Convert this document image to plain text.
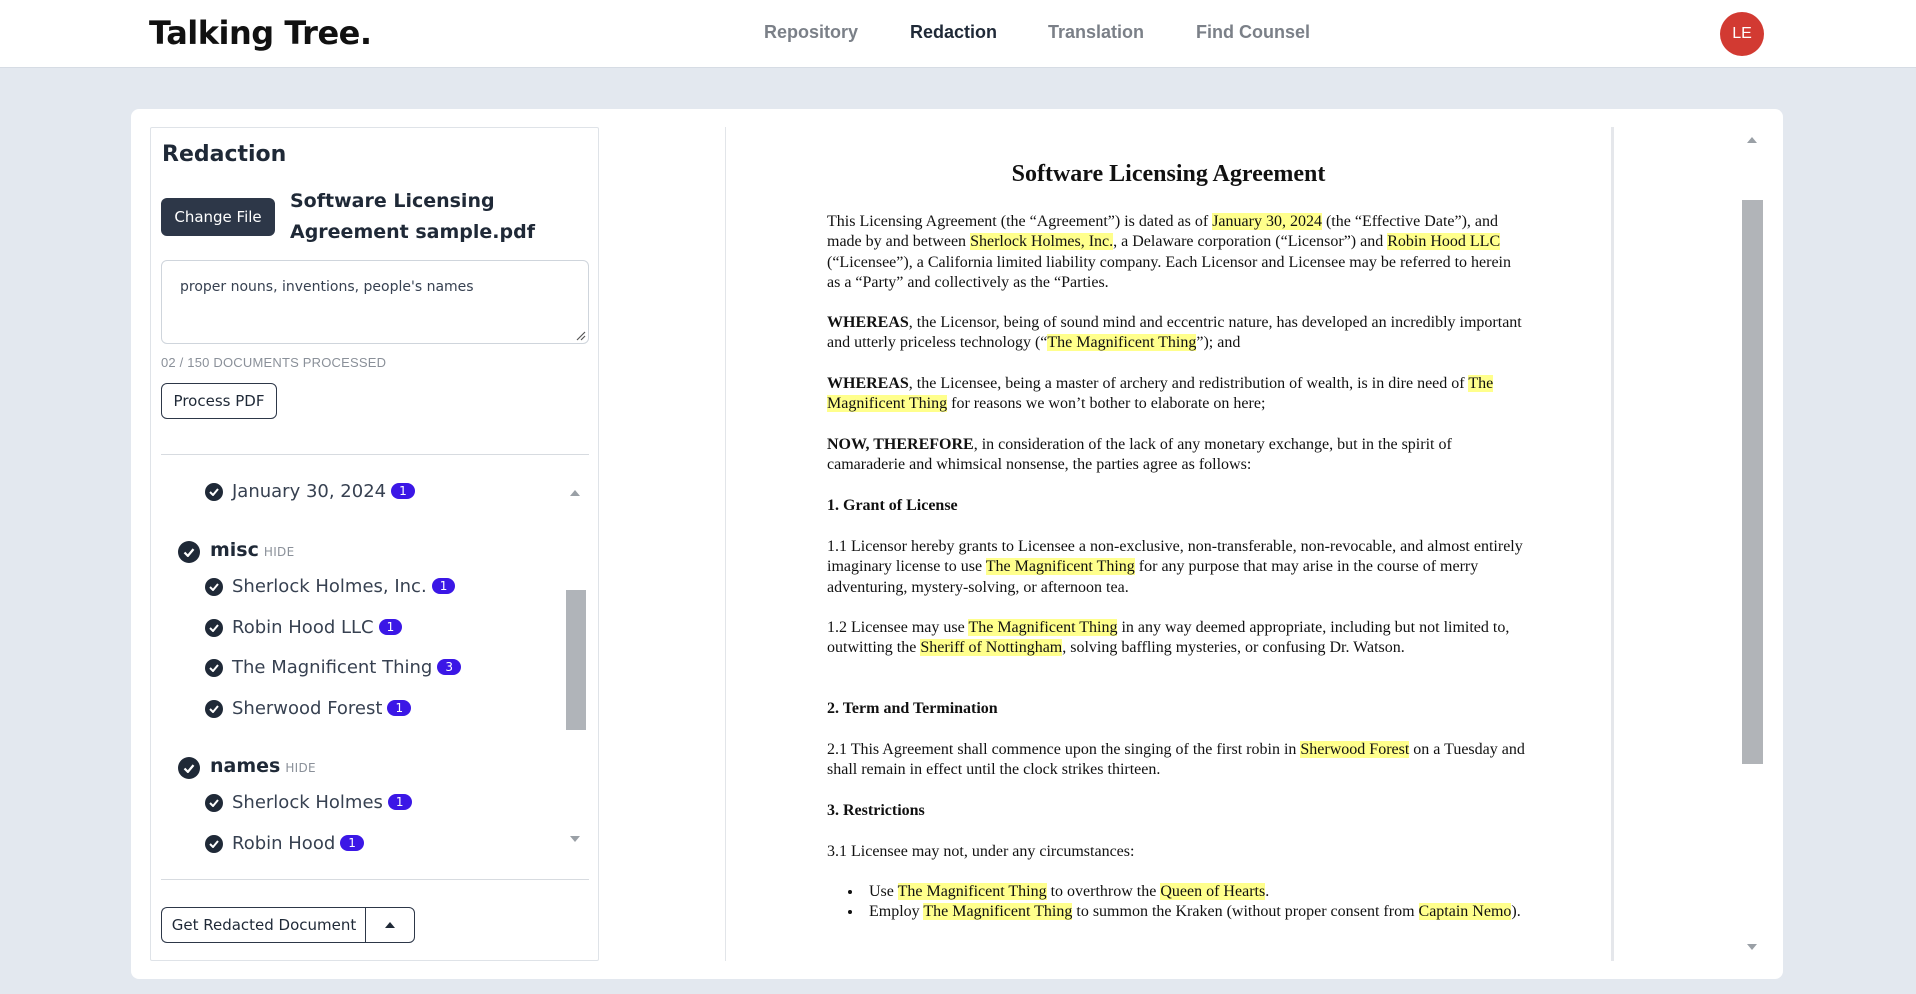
Talking Tree.	Repository	Redaction	Translation	Find Counsel	LE
Redaction
Change File
Software Licensing Agreement sample.pdf
proper nouns, inventions, people's names
02 / 150 DOCUMENTS PROCESSED
Process PDF
January 30, 2024 1
misc HIDE
Sherlock Holmes, Inc. 1
Robin Hood LLC 1
The Magnificent Thing 3
Sherwood Forest 1
names HIDE
Sherlock Holmes 1
Robin Hood 1
Get Redacted Document
Software Licensing Agreement
This Licensing Agreement (the “Agreement”) is dated as of January 30, 2024 (the “Effective Date”), and made by and between Sherlock Holmes, Inc., a Delaware corporation (“Licensor”) and Robin Hood LLC (“Licensee”), a California limited liability company. Each Licensor and Licensee may be referred to herein as a “Party” and collectively as the “Parties.
WHEREAS, the Licensor, being of sound mind and eccentric nature, has developed an incredibly important and utterly priceless technology (“The Magnificent Thing”); and
WHEREAS, the Licensee, being a master of archery and redistribution of wealth, is in dire need of The Magnificent Thing for reasons we won’t bother to elaborate on here;
NOW, THEREFORE, in consideration of the lack of any monetary exchange, but in the spirit of camaraderie and whimsical nonsense, the parties agree as follows:
1. Grant of License
1.1 Licensor hereby grants to Licensee a non-exclusive, non-transferable, non-revocable, and almost entirely imaginary license to use The Magnificent Thing for any purpose that may arise in the course of merry adventuring, mystery-solving, or afternoon tea.
1.2 Licensee may use The Magnificent Thing in any way deemed appropriate, including but not limited to, outwitting the Sheriff of Nottingham, solving baffling mysteries, or confusing Dr. Watson.
2. Term and Termination
2.1 This Agreement shall commence upon the singing of the first robin in Sherwood Forest on a Tuesday and shall remain in effect until the clock strikes thirteen.
3. Restrictions
3.1 Licensee may not, under any circumstances:
• Use The Magnificent Thing to overthrow the Queen of Hearts.
• Employ The Magnificent Thing to summon the Kraken (without proper consent from Captain Nemo).
